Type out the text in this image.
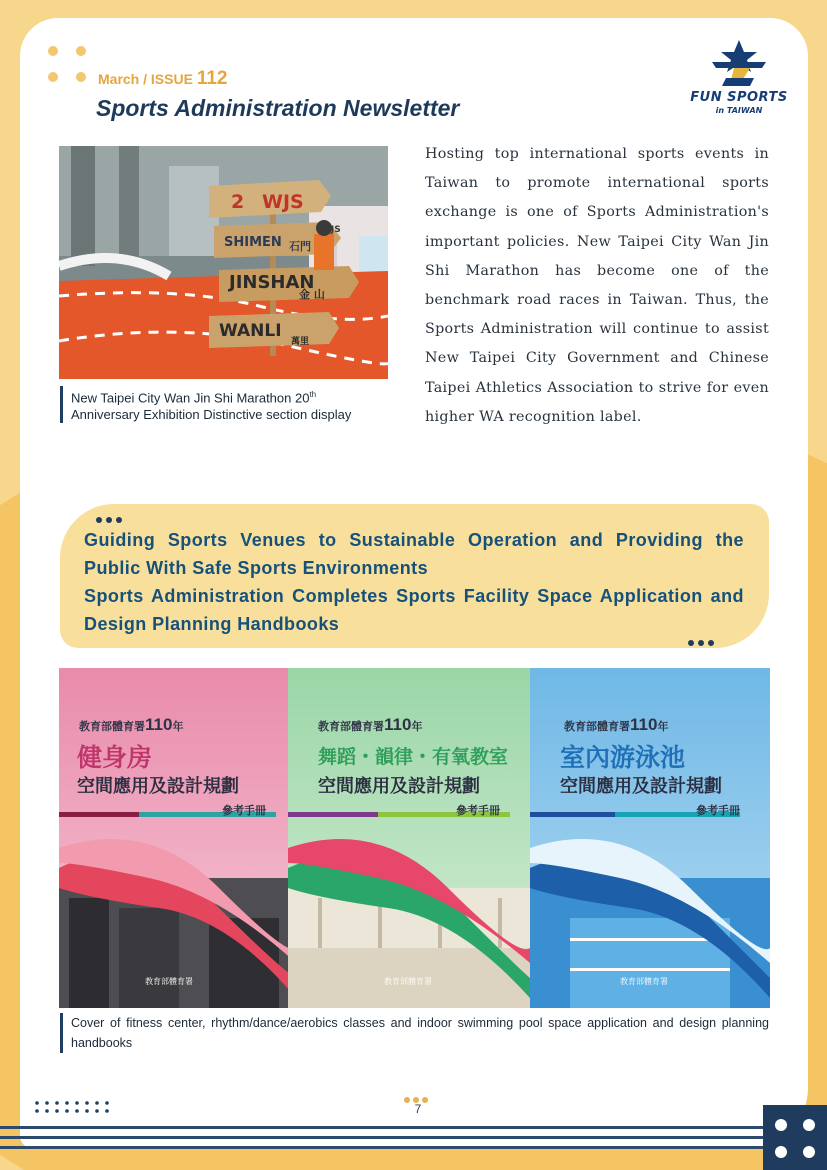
March / ISSUE 112
Sports Administration Newsletter	FUN SPORTS
in TAIWAN
2 WJS
SHIMEN 石門
JINSHAN
金 山
WANLI
萬里
WJS
New Taipei City Wan Jin Shi Marathon 20th
Anniversary Exhibition Distinctive section display
Hosting top international sports events in Taiwan to promote international sports exchange is one of Sports Administration's important policies. New Taipei City Wan Jin Shi Marathon has become one of the benchmark road races in Taiwan. Thus, the Sports Administration will continue to assist New Taipei City Government and Chinese Taipei Athletics Association to strive for even higher WA recognition label.
Guiding Sports Venues to Sustainable Operation and Providing the Public With Safe Sports Environments
Sports Administration Completes Sports Facility Space Application and Design Planning Handbooks
教育部體育署110年
健身房
空間應用及設計規劃
參考手冊
教育部體育署
教育部體育署110年
舞蹈・韻律・有氧教室
空間應用及設計規劃
參考手冊
教育部體育署
教育部體育署110年
室內游泳池
空間應用及設計規劃
參考手冊
教育部體育署
Cover of fitness center, rhythm/dance/aerobics classes and indoor swimming pool space application and design planning handbooks
7
